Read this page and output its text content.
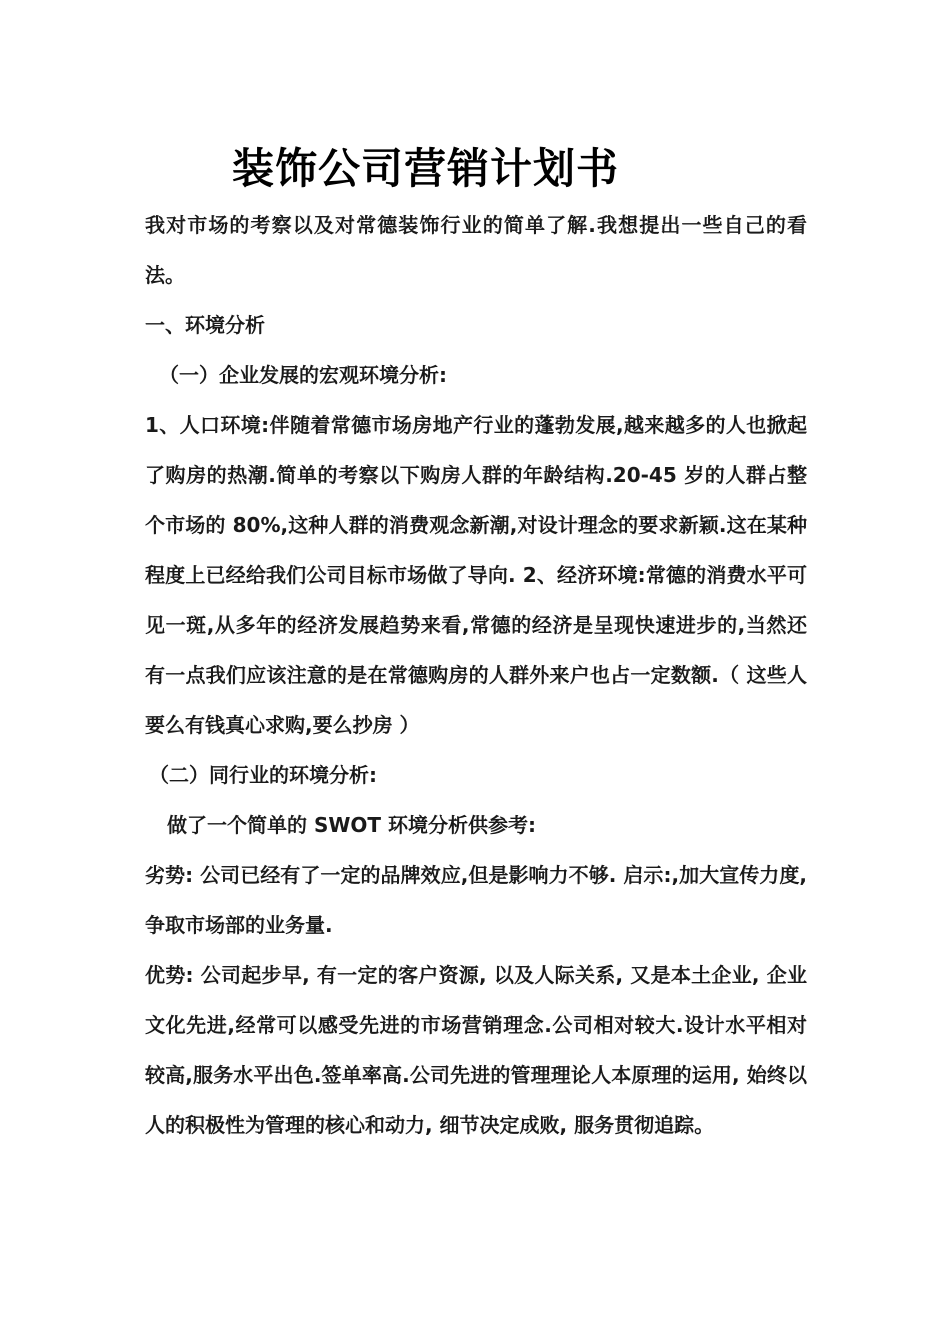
装饰公司营销计划书

我对市场的考察以及对常德装饰行业的简单了解.我想提出一些自己的看法。

一、环境分析

（一）企业发展的宏观环境分析:

1、人口环境:伴随着常德市场房地产行业的蓬勃发展,越来越多的人也掀起了购房的热潮.简单的考察以下购房人群的年龄结构.20-45 岁的人群占整个市场的 80%,这种人群的消费观念新潮,对设计理念的要求新颖.这在某种程度上已经给我们公司目标市场做了导向. 2、经济环境:常德的消费水平可见一斑,从多年的经济发展趋势来看,常德的经济是呈现快速进步的,当然还有一点我们应该注意的是在常德购房的人群外来户也占一定数额.（ 这些人要么有钱真心求购,要么抄房 ）

（二）同行业的环境分析:

做了一个简单的 SWOT 环境分析供参考:

劣势: 公司已经有了一定的品牌效应,但是影响力不够. 启示:,加大宣传力度,争取市场部的业务量.

优势: 公司起步早, 有一定的客户资源, 以及人际关系, 又是本土企业, 企业文化先进,经常可以感受先进的市场营销理念.公司相对较大.设计水平相对较高,服务水平出色.签单率高.公司先进的管理理论人本原理的运用, 始终以人的积极性为管理的核心和动力, 细节决定成败, 服务贯彻追踪。
